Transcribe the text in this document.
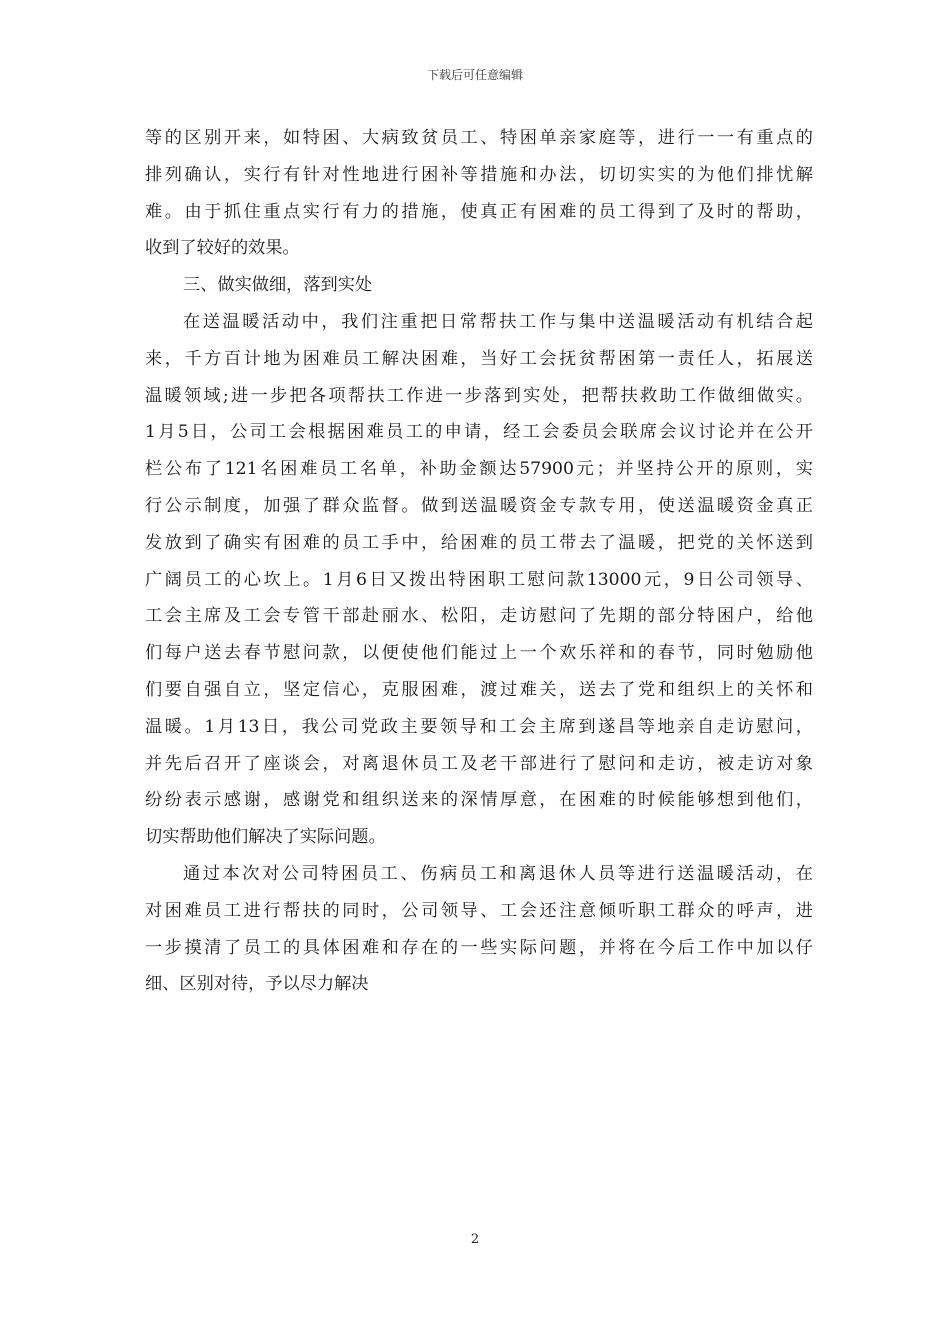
下载后可任意编辑
等的区别开来，如特困、大病致贫员工、特困单亲家庭等，进行一一有重点的
排列确认，实行有针对性地进行困补等措施和办法，切切实实的为他们排忧解
难。由于抓住重点实行有力的措施，使真正有困难的员工得到了及时的帮助，
收到了较好的效果。
三、做实做细，落到实处
在送温暖活动中，我们注重把日常帮扶工作与集中送温暖活动有机结合起
来，千方百计地为困难员工解决困难，当好工会抚贫帮困第一责任人，拓展送
温暖领域;进一步把各项帮扶工作进一步落到实处，把帮扶救助工作做细做实。
1月5日，公司工会根据困难员工的申请，经工会委员会联席会议讨论并在公开
栏公布了121名困难员工名单，补助金额达57900元；并坚持公开的原则，实
行公示制度，加强了群众监督。做到送温暖资金专款专用，使送温暖资金真正
发放到了确实有困难的员工手中，给困难的员工带去了温暖，把党的关怀送到
广阔员工的心坎上。1月6日又拨出特困职工慰问款13000元，9日公司领导、
工会主席及工会专管干部赴丽水、松阳，走访慰问了先期的部分特困户，给他
们每户送去春节慰问款，以便使他们能过上一个欢乐祥和的春节，同时勉励他
们要自强自立，坚定信心，克服困难，渡过难关，送去了党和组织上的关怀和
温暖。1月13日，我公司党政主要领导和工会主席到遂昌等地亲自走访慰问，
并先后召开了座谈会，对离退休员工及老干部进行了慰问和走访，被走访对象
纷纷表示感谢，感谢党和组织送来的深情厚意，在困难的时候能够想到他们，
切实帮助他们解决了实际问题。
通过本次对公司特困员工、伤病员工和离退休人员等进行送温暖活动，在
对困难员工进行帮扶的同时，公司领导、工会还注意倾听职工群众的呼声，进
一步摸清了员工的具体困难和存在的一些实际问题，并将在今后工作中加以仔
细、区别对待，予以尽力解决
2
